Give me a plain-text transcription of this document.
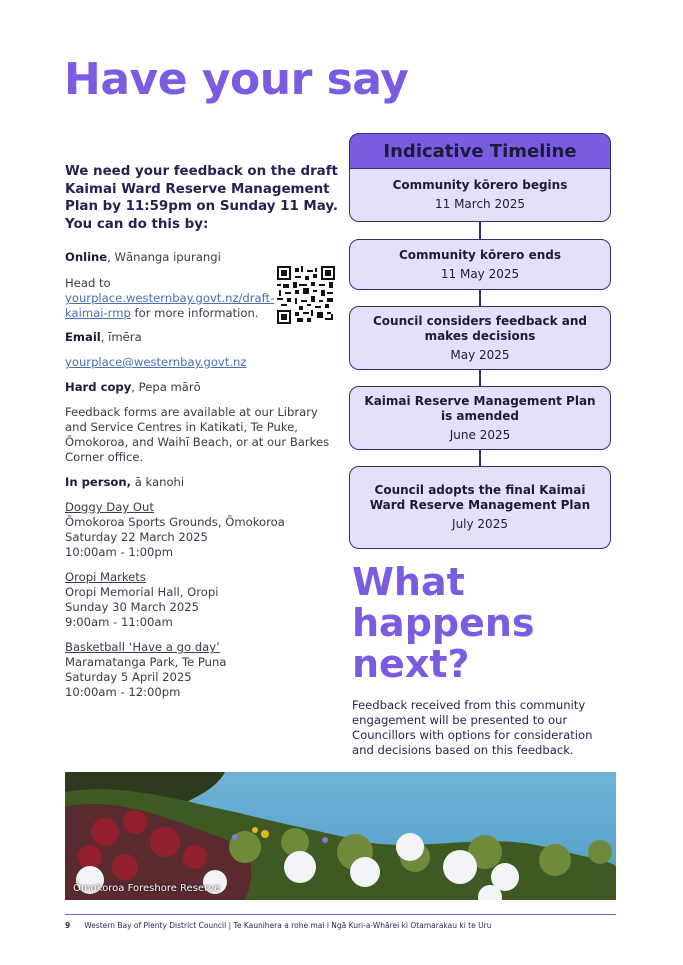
Have your say
We need your feedback on the draft Kaimai Ward Reserve Management Plan by 11:59pm on Sunday 11 May. You can do this by:
Online, Wānanga ipurangi
Head to yourplace.westernbay.govt.nz/draft-kaimai-rmp for more information.
Email, īmēra
yourplace@westernbay.govt.nz
Hard copy, Pepa mārō
Feedback forms are available at our Library and Service Centres in Katikati, Te Puke, Ōmokoroa, and Waihī Beach, or at our Barkes Corner office.
In person, ā kanohi
Doggy Day Out
Ōmokoroa Sports Grounds, Ōmokoroa
Saturday 22 March 2025
10:00am - 1:00pm
Oropi Markets
Oropi Memorial Hall, Oropi
Sunday 30 March 2025
9:00am - 11:00am
Basketball ‘Have a go day’
Maramatanga Park, Te Puna
Saturday 5 April 2025
10:00am - 12:00pm
Indicative Timeline
Community kōrero begins
11 March 2025
Community kōrero ends
11 May 2025
Council considers feedback and makes decisions
May 2025
Kaimai Reserve Management Plan is amended
June 2025
Council adopts the final Kaimai Ward Reserve Management Plan
July 2025
What happens next?
Feedback received from this community engagement will be presented to our Councillors with options for consideration and decisions based on this feedback.
Ōmokoroa Foreshore Reserve
9 Western Bay of Plenty District Council | Te Kaunihera a rohe mai i Ngā Kuri-a-Whārei ki Otamarakau ki te Uru
